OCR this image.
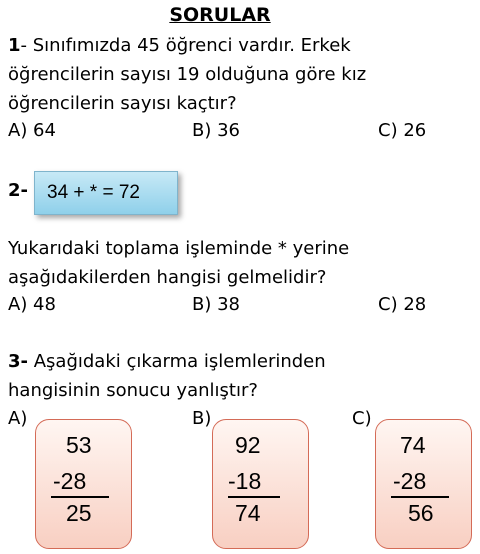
SORULAR
1- Sınıfımızda 45 öğrenci vardır. Erkek
öğrencilerin sayısı 19 olduğuna göre kız
öğrencilerin sayısı kaçtır?
A) 64	B) 36	C) 26
2- 34 + * = 72
Yukarıdaki toplama işleminde * yerine
aşağıdakilerden hangisi gelmelidir?
A) 48	B) 38	C) 28
3- Aşağıdaki çıkarma işlemlerinden
hangisinin sonucu yanlıştır?
A)	B)	C)
53
-28
25
92
-18
74
74
-28
56
